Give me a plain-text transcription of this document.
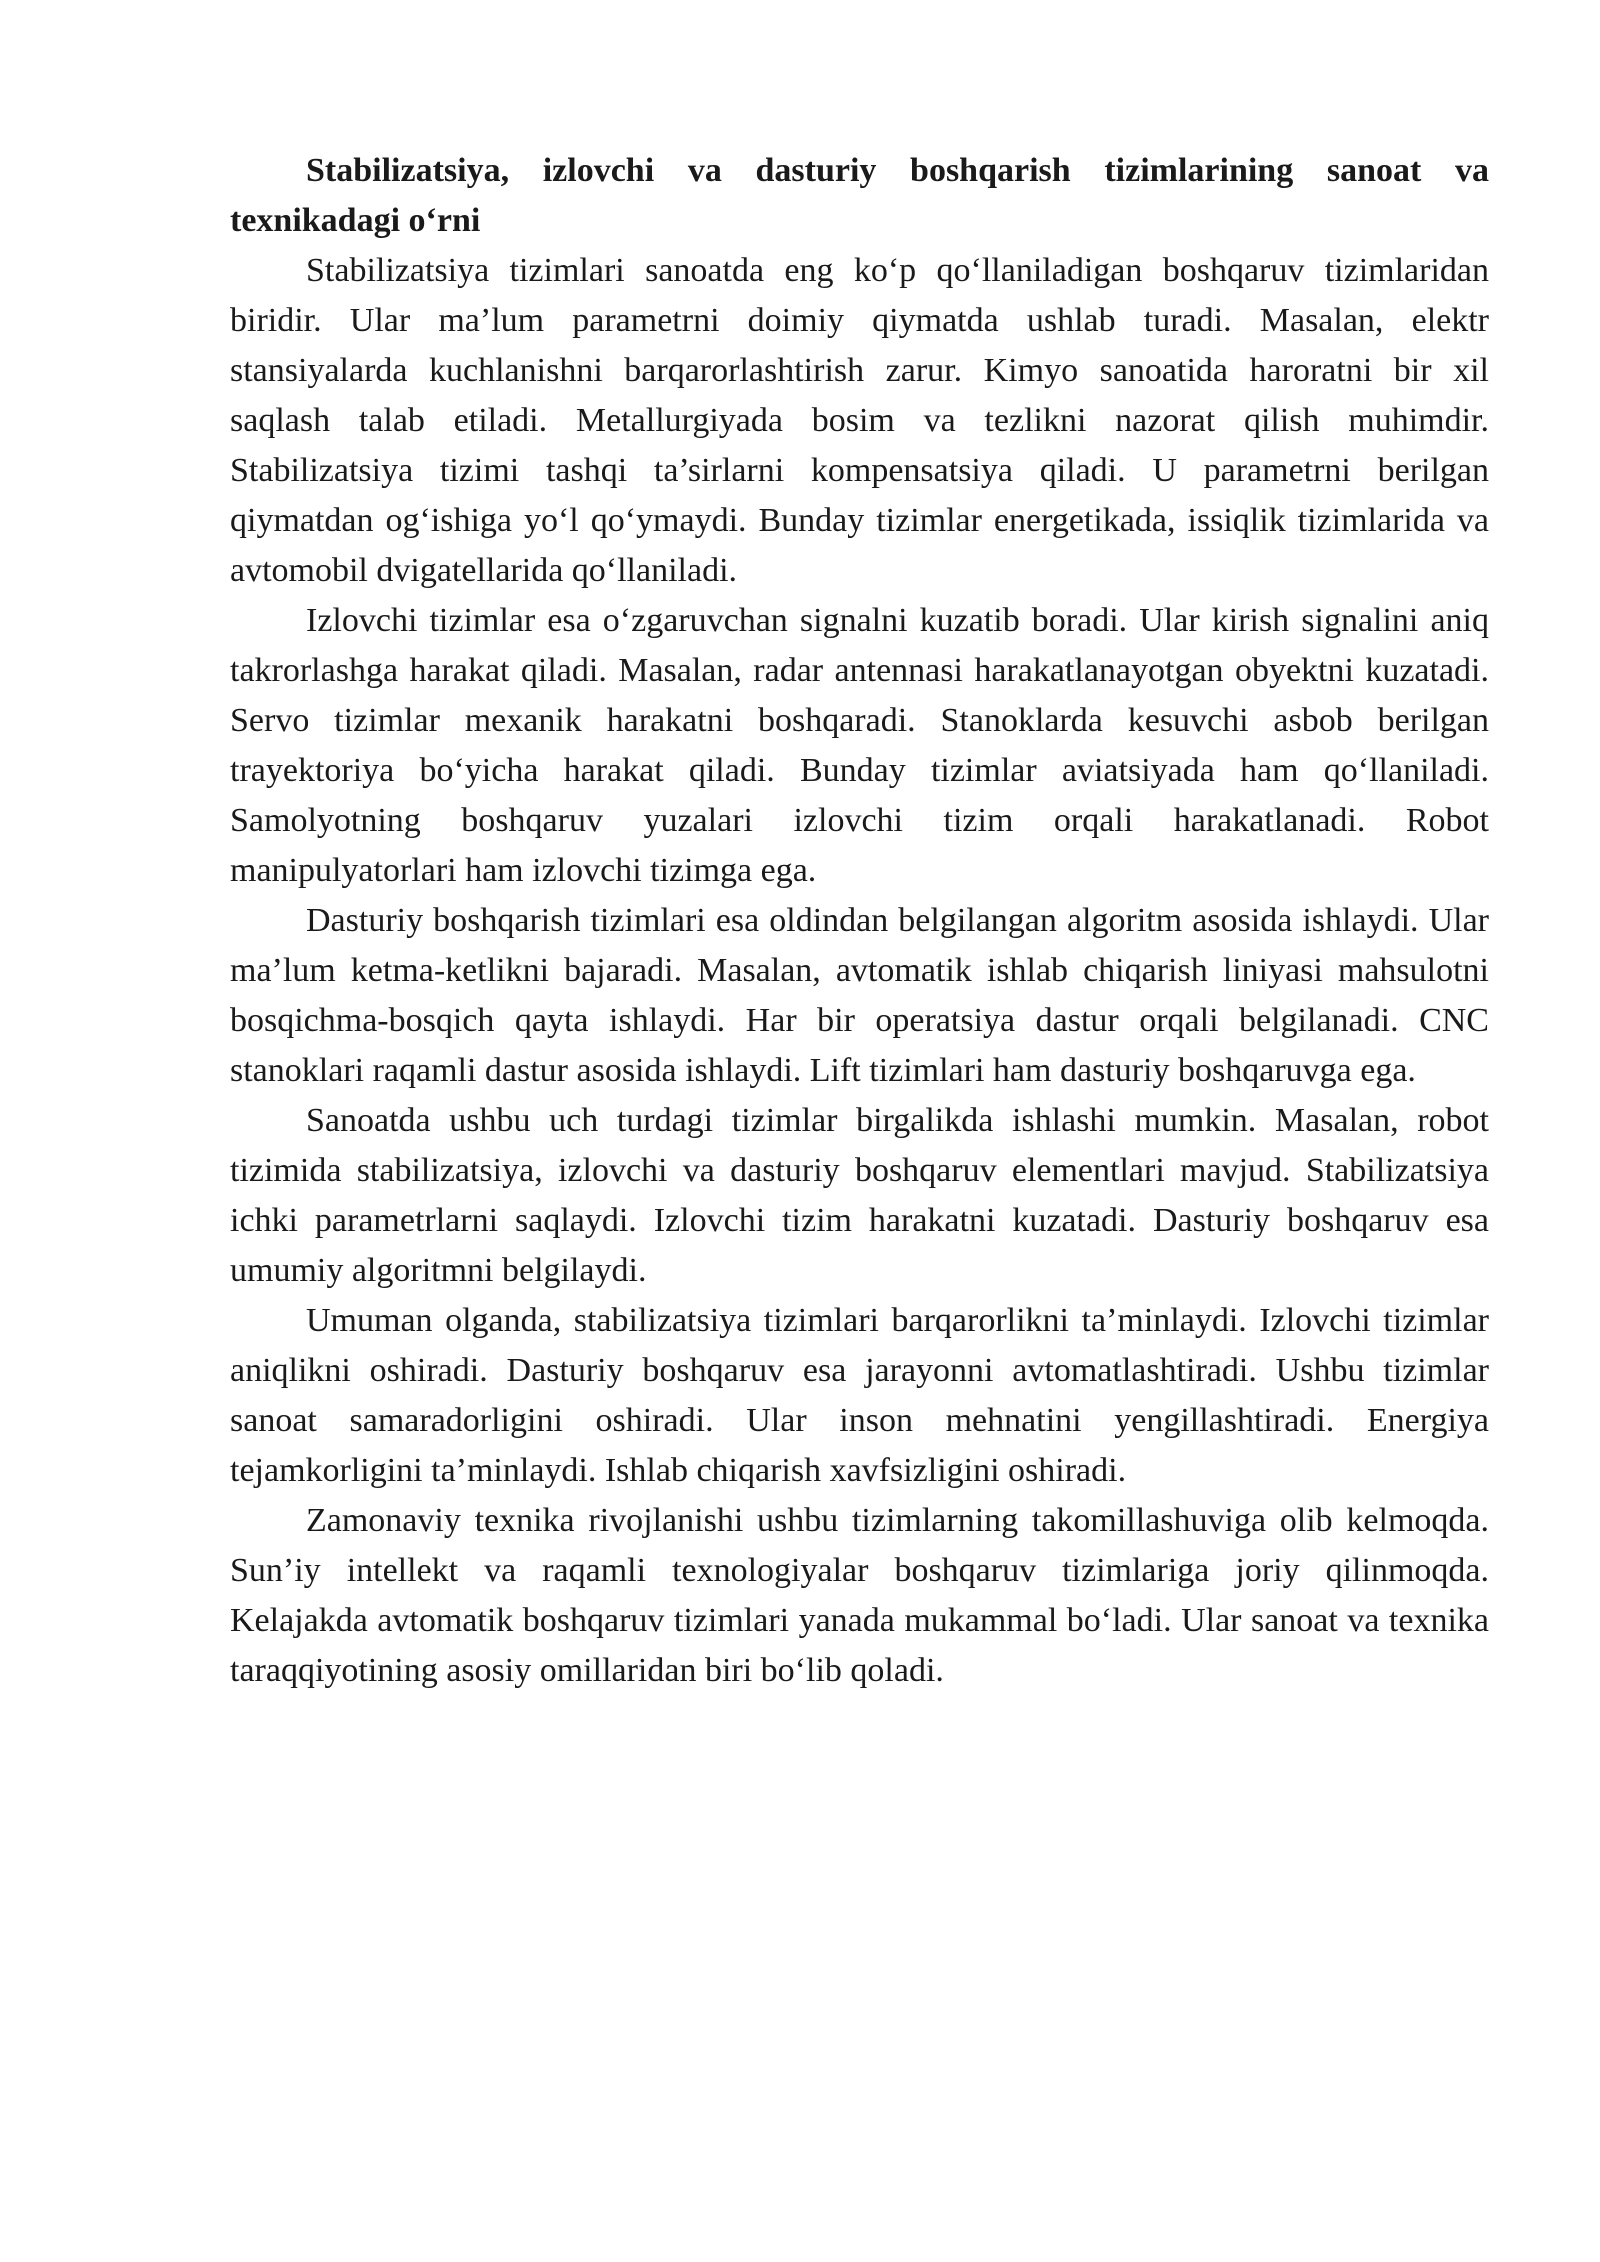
Stabilizatsiya, izlovchi va dasturiy boshqarish tizimlarining sanoat va texnikadagi o‘rni

Stabilizatsiya tizimlari sanoatda eng ko‘p qo‘llaniladigan boshqaruv tizimlaridan biridir. Ular ma’lum parametrni doimiy qiymatda ushlab turadi. Masalan, elektr stansiyalarda kuchlanishni barqarorlashtirish zarur. Kimyo sanoatida haroratni bir xil saqlash talab etiladi. Metallurgiyada bosim va tezlikni nazorat qilish muhimdir. Stabilizatsiya tizimi tashqi ta’sirlarni kompensatsiya qiladi. U parametrni berilgan qiymatdan og‘ishiga yo‘l qo‘ymaydi. Bunday tizimlar energetikada, issiqlik tizimlarida va avtomobil dvigatellarida qo‘llaniladi.

Izlovchi tizimlar esa o‘zgaruvchan signalni kuzatib boradi. Ular kirish signalini aniq takrorlashga harakat qiladi. Masalan, radar antennasi harakatlanayotgan obyektni kuzatadi. Servo tizimlar mexanik harakatni boshqaradi. Stanoklarda kesuvchi asbob berilgan trayektoriya bo‘yicha harakat qiladi. Bunday tizimlar aviatsiyada ham qo‘llaniladi. Samolyotning boshqaruv yuzalari izlovchi tizim orqali harakatlanadi. Robot manipulyatorlari ham izlovchi tizimga ega.

Dasturiy boshqarish tizimlari esa oldindan belgilangan algoritm asosida ishlaydi. Ular ma’lum ketma-ketlikni bajaradi. Masalan, avtomatik ishlab chiqarish liniyasi mahsulotni bosqichma-bosqich qayta ishlaydi. Har bir operatsiya dastur orqali belgilanadi. CNC stanoklari raqamli dastur asosida ishlaydi. Lift tizimlari ham dasturiy boshqaruvga ega.

Sanoatda ushbu uch turdagi tizimlar birgalikda ishlashi mumkin. Masalan, robot tizimida stabilizatsiya, izlovchi va dasturiy boshqaruv elementlari mavjud. Stabilizatsiya ichki parametrlarni saqlaydi. Izlovchi tizim harakatni kuzatadi. Dasturiy boshqaruv esa umumiy algoritmni belgilaydi.

Umuman olganda, stabilizatsiya tizimlari barqarorlikni ta’minlaydi. Izlovchi tizimlar aniqlikni oshiradi. Dasturiy boshqaruv esa jarayonni avtomatlashtiradi. Ushbu tizimlar sanoat samaradorligini oshiradi. Ular inson mehnatini yengillashtiradi. Energiya tejamkorligini ta’minlaydi. Ishlab chiqarish xavfsizligini oshiradi.

Zamonaviy texnika rivojlanishi ushbu tizimlarning takomillashuviga olib kelmoqda. Sun’iy intellekt va raqamli texnologiyalar boshqaruv tizimlariga joriy qilinmoqda. Kelajakda avtomatik boshqaruv tizimlari yanada mukammal bo‘ladi. Ular sanoat va texnika taraqqiyotining asosiy omillaridan biri bo‘lib qoladi.
